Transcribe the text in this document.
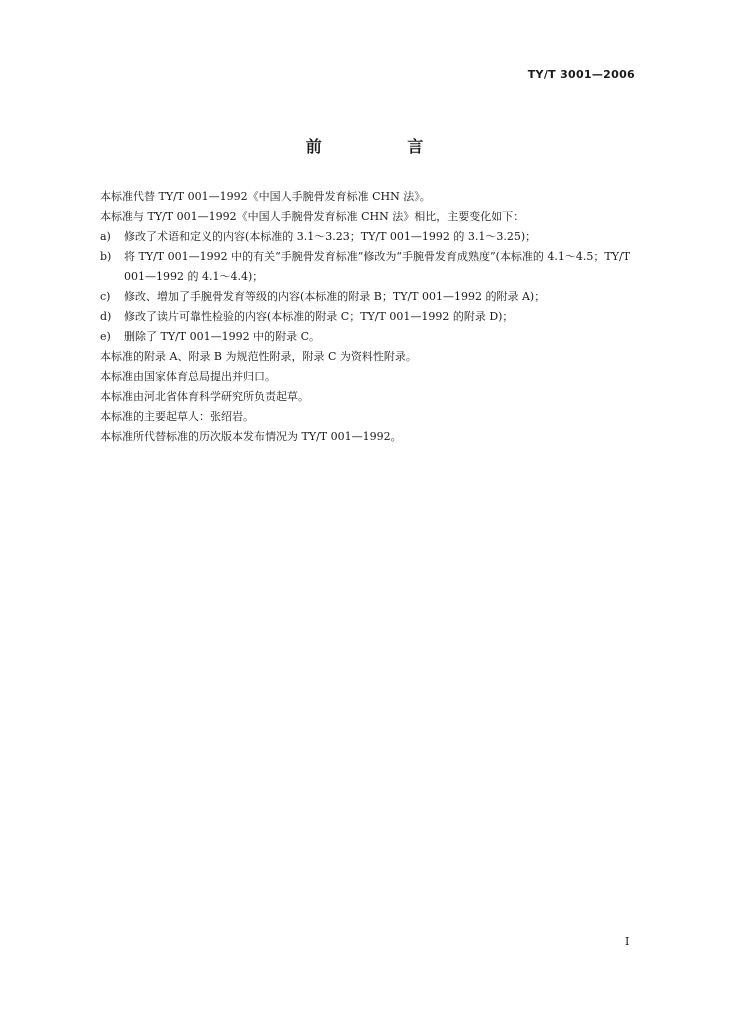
TY/T 3001—2006
前 言
本标准代替 TY/T 001—1992《中国人手腕骨发育标准 CHN 法》。
本标准与 TY/T 001—1992《中国人手腕骨发育标准 CHN 法》相比，主要变化如下：
a)	修改了术语和定义的内容(本标准的 3.1～3.23；TY/T 001—1992 的 3.1～3.25)；
b)	将 TY/T 001—1992 中的有关“手腕骨发育标准”修改为“手腕骨发育成熟度”(本标准的 4.1～4.5；TY/T 001—1992 的 4.1～4.4)；
c)	修改、增加了手腕骨发育等级的内容(本标准的附录 B；TY/T 001—1992 的附录 A)；
d)	修改了读片可靠性检验的内容(本标准的附录 C；TY/T 001—1992 的附录 D)；
e)	删除了 TY/T 001—1992 中的附录 C。
本标准的附录 A、附录 B 为规范性附录，附录 C 为资料性附录。
本标准由国家体育总局提出并归口。
本标准由河北省体育科学研究所负责起草。
本标准的主要起草人：张绍岩。
本标准所代替标准的历次版本发布情况为 TY/T 001—1992。
I
